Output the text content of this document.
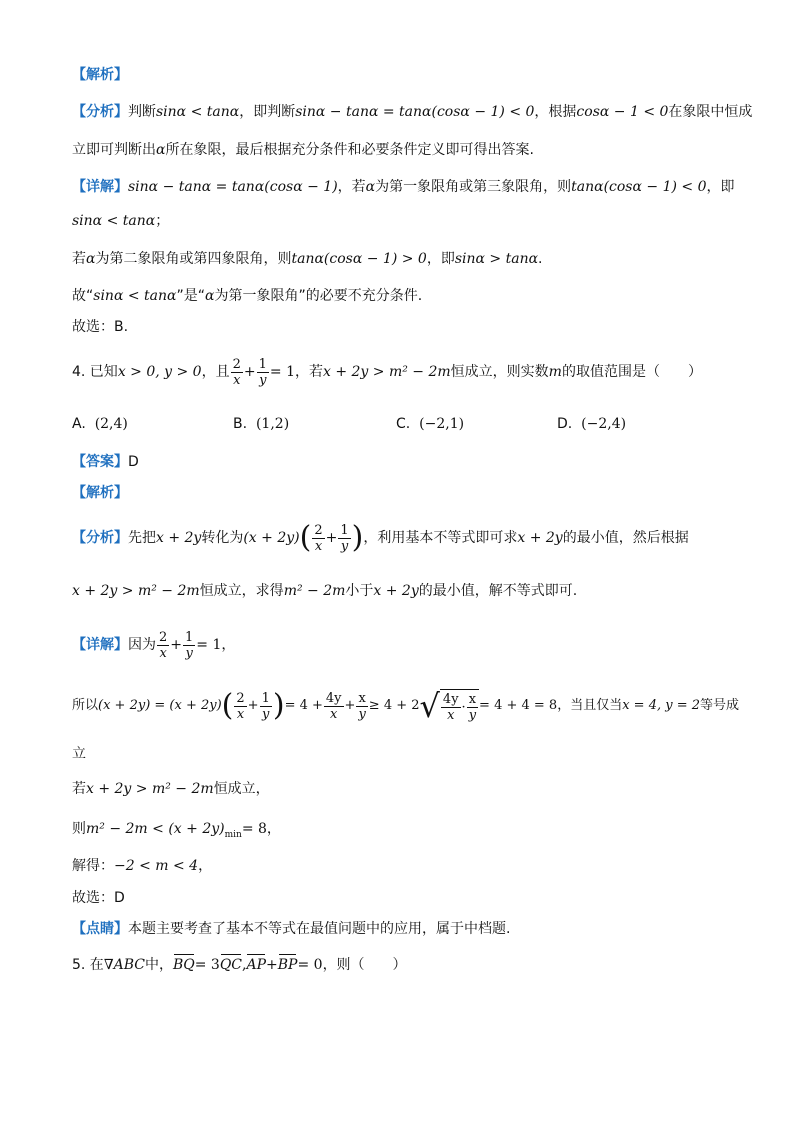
【解析】
【分析】判断sinα < tanα，即判断sinα − tanα = tanα(cosα − 1) < 0，根据cosα − 1 < 0在象限中恒成
立即可判断出α所在象限，最后根据充分条件和必要条件定义即可得出答案.
【详解】sinα − tanα = tanα(cosα − 1)，若α为第一象限角或第三象限角，则tanα(cosα − 1) < 0，即
sinα < tanα；
若α为第二象限角或第四象限角，则tanα(cosα − 1) > 0，即sinα > tanα.
故“sinα < tanα”是“α为第一象限角”的必要不充分条件.
故选：B.
4. 已知 x > 0, y > 0 ，且 $\frac{2}{x} + \frac{1}{y} = 1$ ，若 x + 2y > m² − 2m 恒成立，则实数 m 的取值范围是（　　）
A. (2,4)	B. (1,2)	C. (−2,1)	D. (−2,4)
【答案】D
【解析】
【分析】 先把 x + 2y 转化为 (x + 2y) ( $\frac{2}{x} + \frac{1}{y}$ ) ，利用基本不等式即可求 x + 2y 的最小值，然后根据
x + 2y > m² − 2m恒成立，求得m² − 2m小于x + 2y的最小值，解不等式即可.
【详解】 因为 $\frac{2}{x} + \frac{1}{y} = 1$ ，
所以 (x + 2y) = (x + 2y) ( $\frac{2}{x} + \frac{1}{y}$ ) = $4 + \frac{4y}{x} + \frac{x}{y} \ge 4 + 2$ √ $\frac{4y}{x} \cdot \frac{x}{y} = 4 + 4 = 8$ ，当且仅当 x = 4, y = 2 等号成
立
若x + 2y > m² − 2m恒成立，
则$m^2 - 2m < (x + 2y)_{min}= 8$，
解得：−2 < m < 4，
故选：D
【点睛】本题主要考查了基本不等式在最值问题中的应用，属于中档题.
5. 在∇ABC中，BQ= 3QC,AP+BP= 0，则（　　）
